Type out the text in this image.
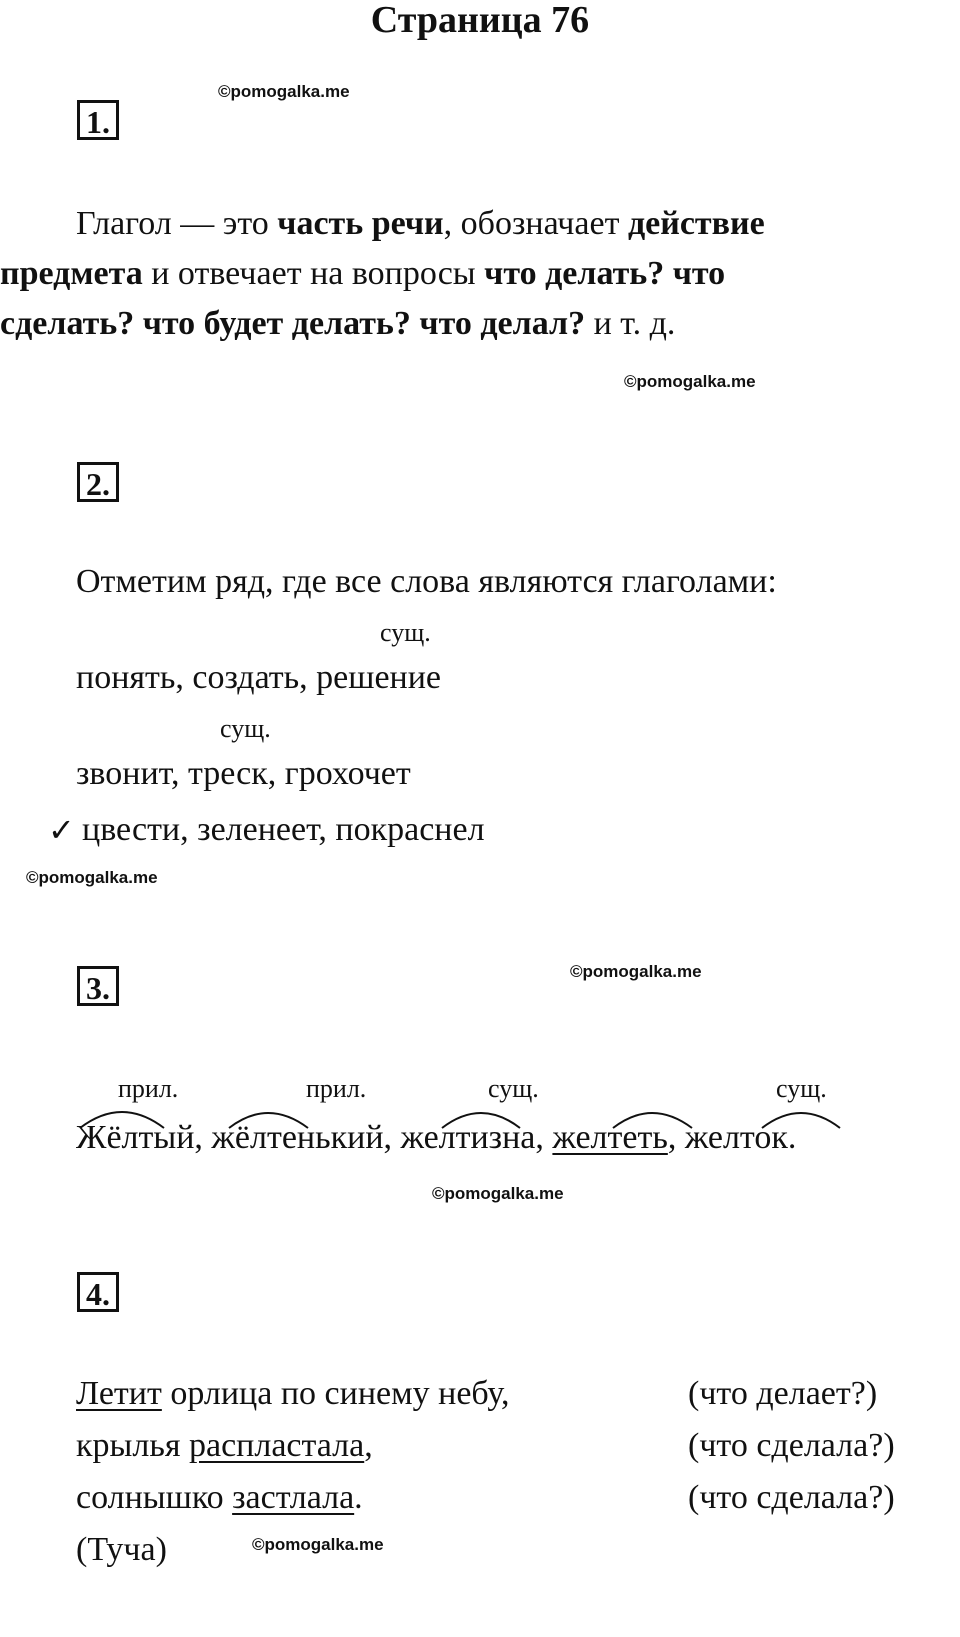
Страница 76
©pomogalka.me
©pomogalka.me
©pomogalka.me
©pomogalka.me
©pomogalka.me
©pomogalka.me
1.
Глагол — это часть речи, обозначает действие
предмета и отвечает на вопросы что делать? что
сделать? что будет делать? что делал? и т. д.
2.
Отметим ряд, где все слова являются глаголами:
сущ.
понять, создать, решение
сущ.
звонит, треск, грохочет
✓ цвести, зеленеет, покраснел
3.
прил.	прил.	сущ.	сущ.
Жёлтый, жёлтенький, желтизна, желтеть, желток.
4.
Летит орлица по синему небу,	(что делает?)
крылья распластала,	(что сделала?)
солнышко застлала.	(что сделала?)
(Туча)
